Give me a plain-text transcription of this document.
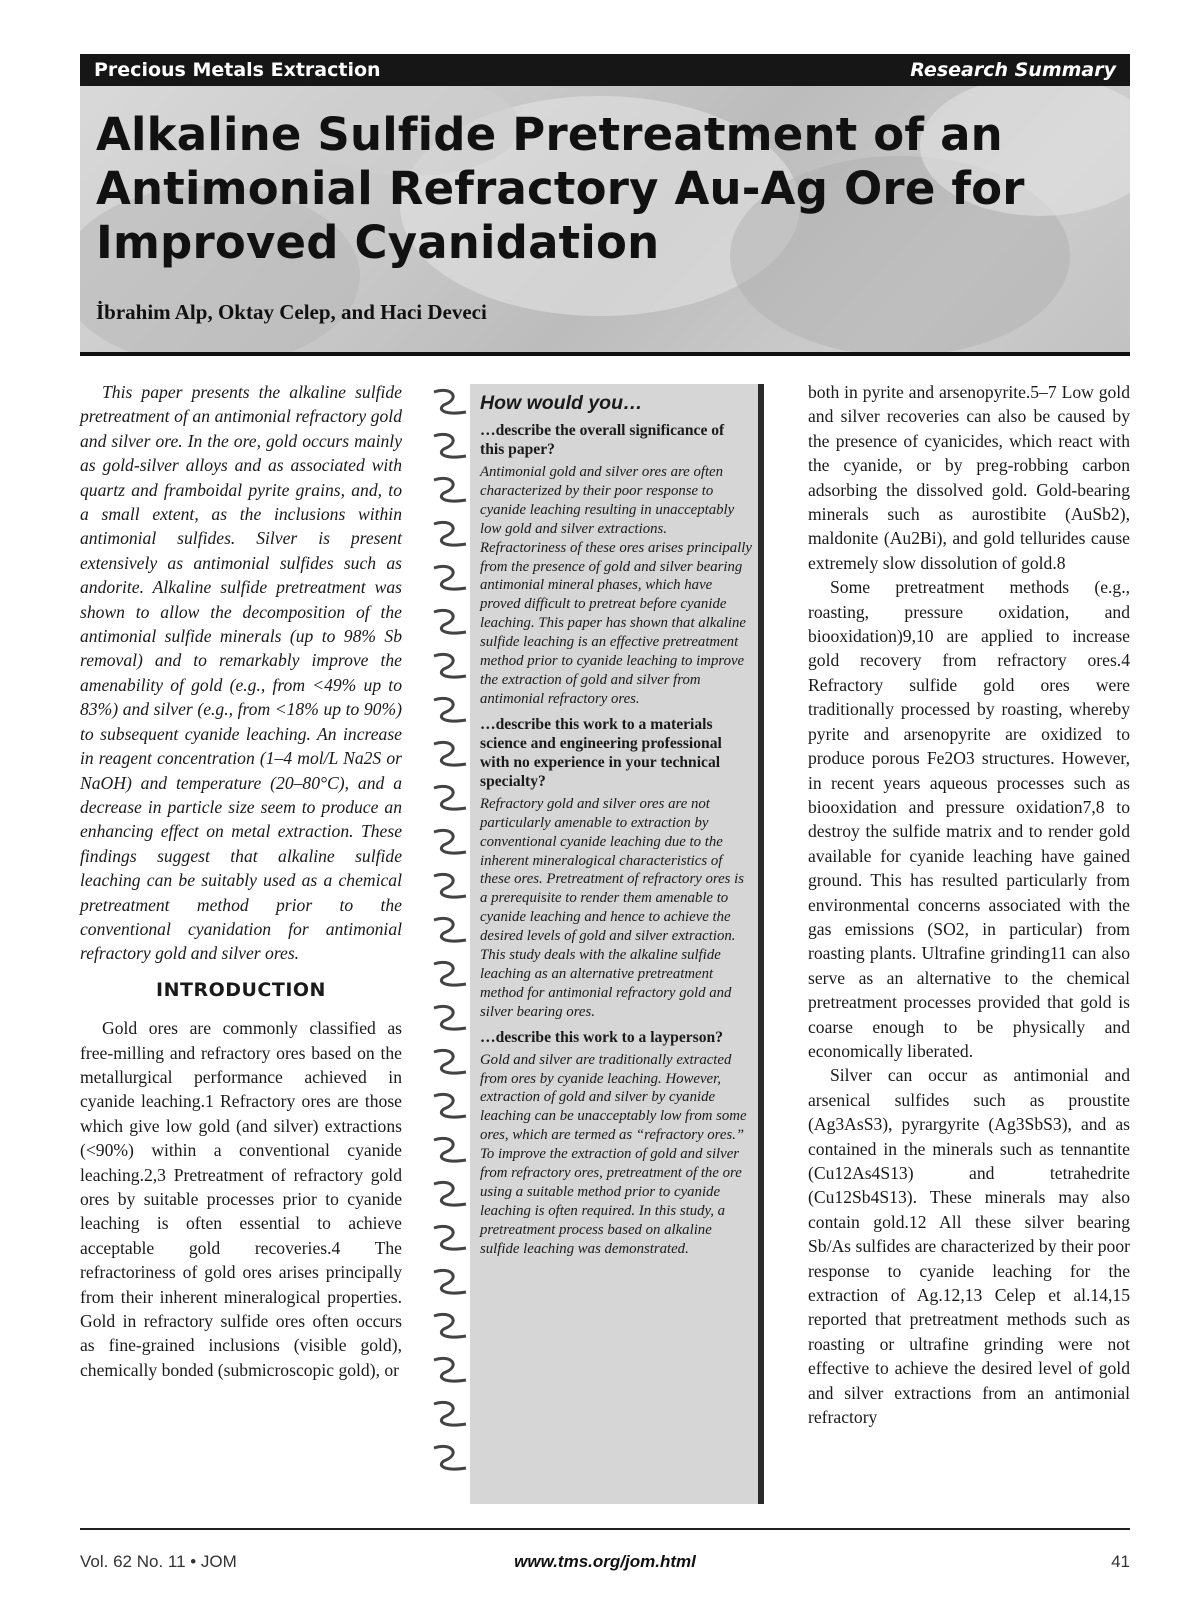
Precious Metals Extraction	Research Summary
Alkaline Sulfide Pretreatment of an Antimonial Refractory Au-Ag Ore for Improved Cyanidation
İbrahim Alp, Oktay Celep, and Haci Deveci

This paper presents the alkaline sulfide pretreatment of an antimonial refractory gold and silver ore. In the ore, gold occurs mainly as gold-silver alloys and as associated with quartz and framboidal pyrite grains, and, to a small extent, as the inclusions within antimonial sulfides. Silver is present extensively as antimonial sulfides such as andorite. Alkaline sulfide pretreatment was shown to allow the decomposition of the antimonial sulfide minerals (up to 98% Sb removal) and to remarkably improve the amenability of gold (e.g., from <49% up to 83%) and silver (e.g., from <18% up to 90%) to subsequent cyanide leaching. An increase in reagent concentration (1–4 mol/L Na2S or NaOH) and temperature (20–80°C), and a decrease in particle size seem to produce an enhancing effect on metal extraction. These findings suggest that alkaline sulfide leaching can be suitably used as a chemical pretreatment method prior to the conventional cyanidation for antimonial refractory gold and silver ores.

INTRODUCTION

Gold ores are commonly classified as free-milling and refractory ores based on the metallurgical performance achieved in cyanide leaching.1 Refractory ores are those which give low gold (and silver) extractions (<90%) within a conventional cyanide leaching.2,3 Pretreatment of refractory gold ores by suitable processes prior to cyanide leaching is often essential to achieve acceptable gold recoveries.4 The refractoriness of gold ores arises principally from their inherent mineralogical properties. Gold in refractory sulfide ores often occurs as fine-grained inclusions (visible gold), chemically bonded (submicroscopic gold), or

How would you…
…describe the overall significance of this paper?
Antimonial gold and silver ores are often characterized by their poor response to cyanide leaching resulting in unacceptably low gold and silver extractions. Refractoriness of these ores arises principally from the presence of gold and silver bearing antimonial mineral phases, which have proved difficult to pretreat before cyanide leaching. This paper has shown that alkaline sulfide leaching is an effective pretreatment method prior to cyanide leaching to improve the extraction of gold and silver from antimonial refractory ores.
…describe this work to a materials science and engineering professional with no experience in your technical specialty?
Refractory gold and silver ores are not particularly amenable to extraction by conventional cyanide leaching due to the inherent mineralogical characteristics of these ores. Pretreatment of refractory ores is a prerequisite to render them amenable to cyanide leaching and hence to achieve the desired levels of gold and silver extraction. This study deals with the alkaline sulfide leaching as an alternative pretreatment method for antimonial refractory gold and silver bearing ores.
…describe this work to a layperson?
Gold and silver are traditionally extracted from ores by cyanide leaching. However, extraction of gold and silver by cyanide leaching can be unacceptably low from some ores, which are termed as “refractory ores.” To improve the extraction of gold and silver from refractory ores, pretreatment of the ore using a suitable method prior to cyanide leaching is often required. In this study, a pretreatment process based on alkaline sulfide leaching was demonstrated.

both in pyrite and arsenopyrite.5–7 Low gold and silver recoveries can also be caused by the presence of cyanicides, which react with the cyanide, or by preg-robbing carbon adsorbing the dissolved gold. Gold-bearing minerals such as aurostibite (AuSb2), maldonite (Au2Bi), and gold tellurides cause extremely slow dissolution of gold.8

Some pretreatment methods (e.g., roasting, pressure oxidation, and biooxidation)9,10 are applied to increase gold recovery from refractory ores.4 Refractory sulfide gold ores were traditionally processed by roasting, whereby pyrite and arsenopyrite are oxidized to produce porous Fe2O3 structures. However, in recent years aqueous processes such as biooxidation and pressure oxidation7,8 to destroy the sulfide matrix and to render gold available for cyanide leaching have gained ground. This has resulted particularly from environmental concerns associated with the gas emissions (SO2, in particular) from roasting plants. Ultrafine grinding11 can also serve as an alternative to the chemical pretreatment processes provided that gold is coarse enough to be physically and economically liberated.

Silver can occur as antimonial and arsenical sulfides such as proustite (Ag3AsS3), pyrargyrite (Ag3SbS3), and as contained in the minerals such as tennantite (Cu12As4S13) and tetrahedrite (Cu12Sb4S13). These minerals may also contain gold.12 All these silver bearing Sb/As sulfides are characterized by their poor response to cyanide leaching for the extraction of Ag.12,13 Celep et al.14,15 reported that pretreatment methods such as roasting or ultrafine grinding were not effective to achieve the desired level of gold and silver extractions from an antimonial refractory

Vol. 62 No. 11 • JOM	www.tms.org/jom.html	41
